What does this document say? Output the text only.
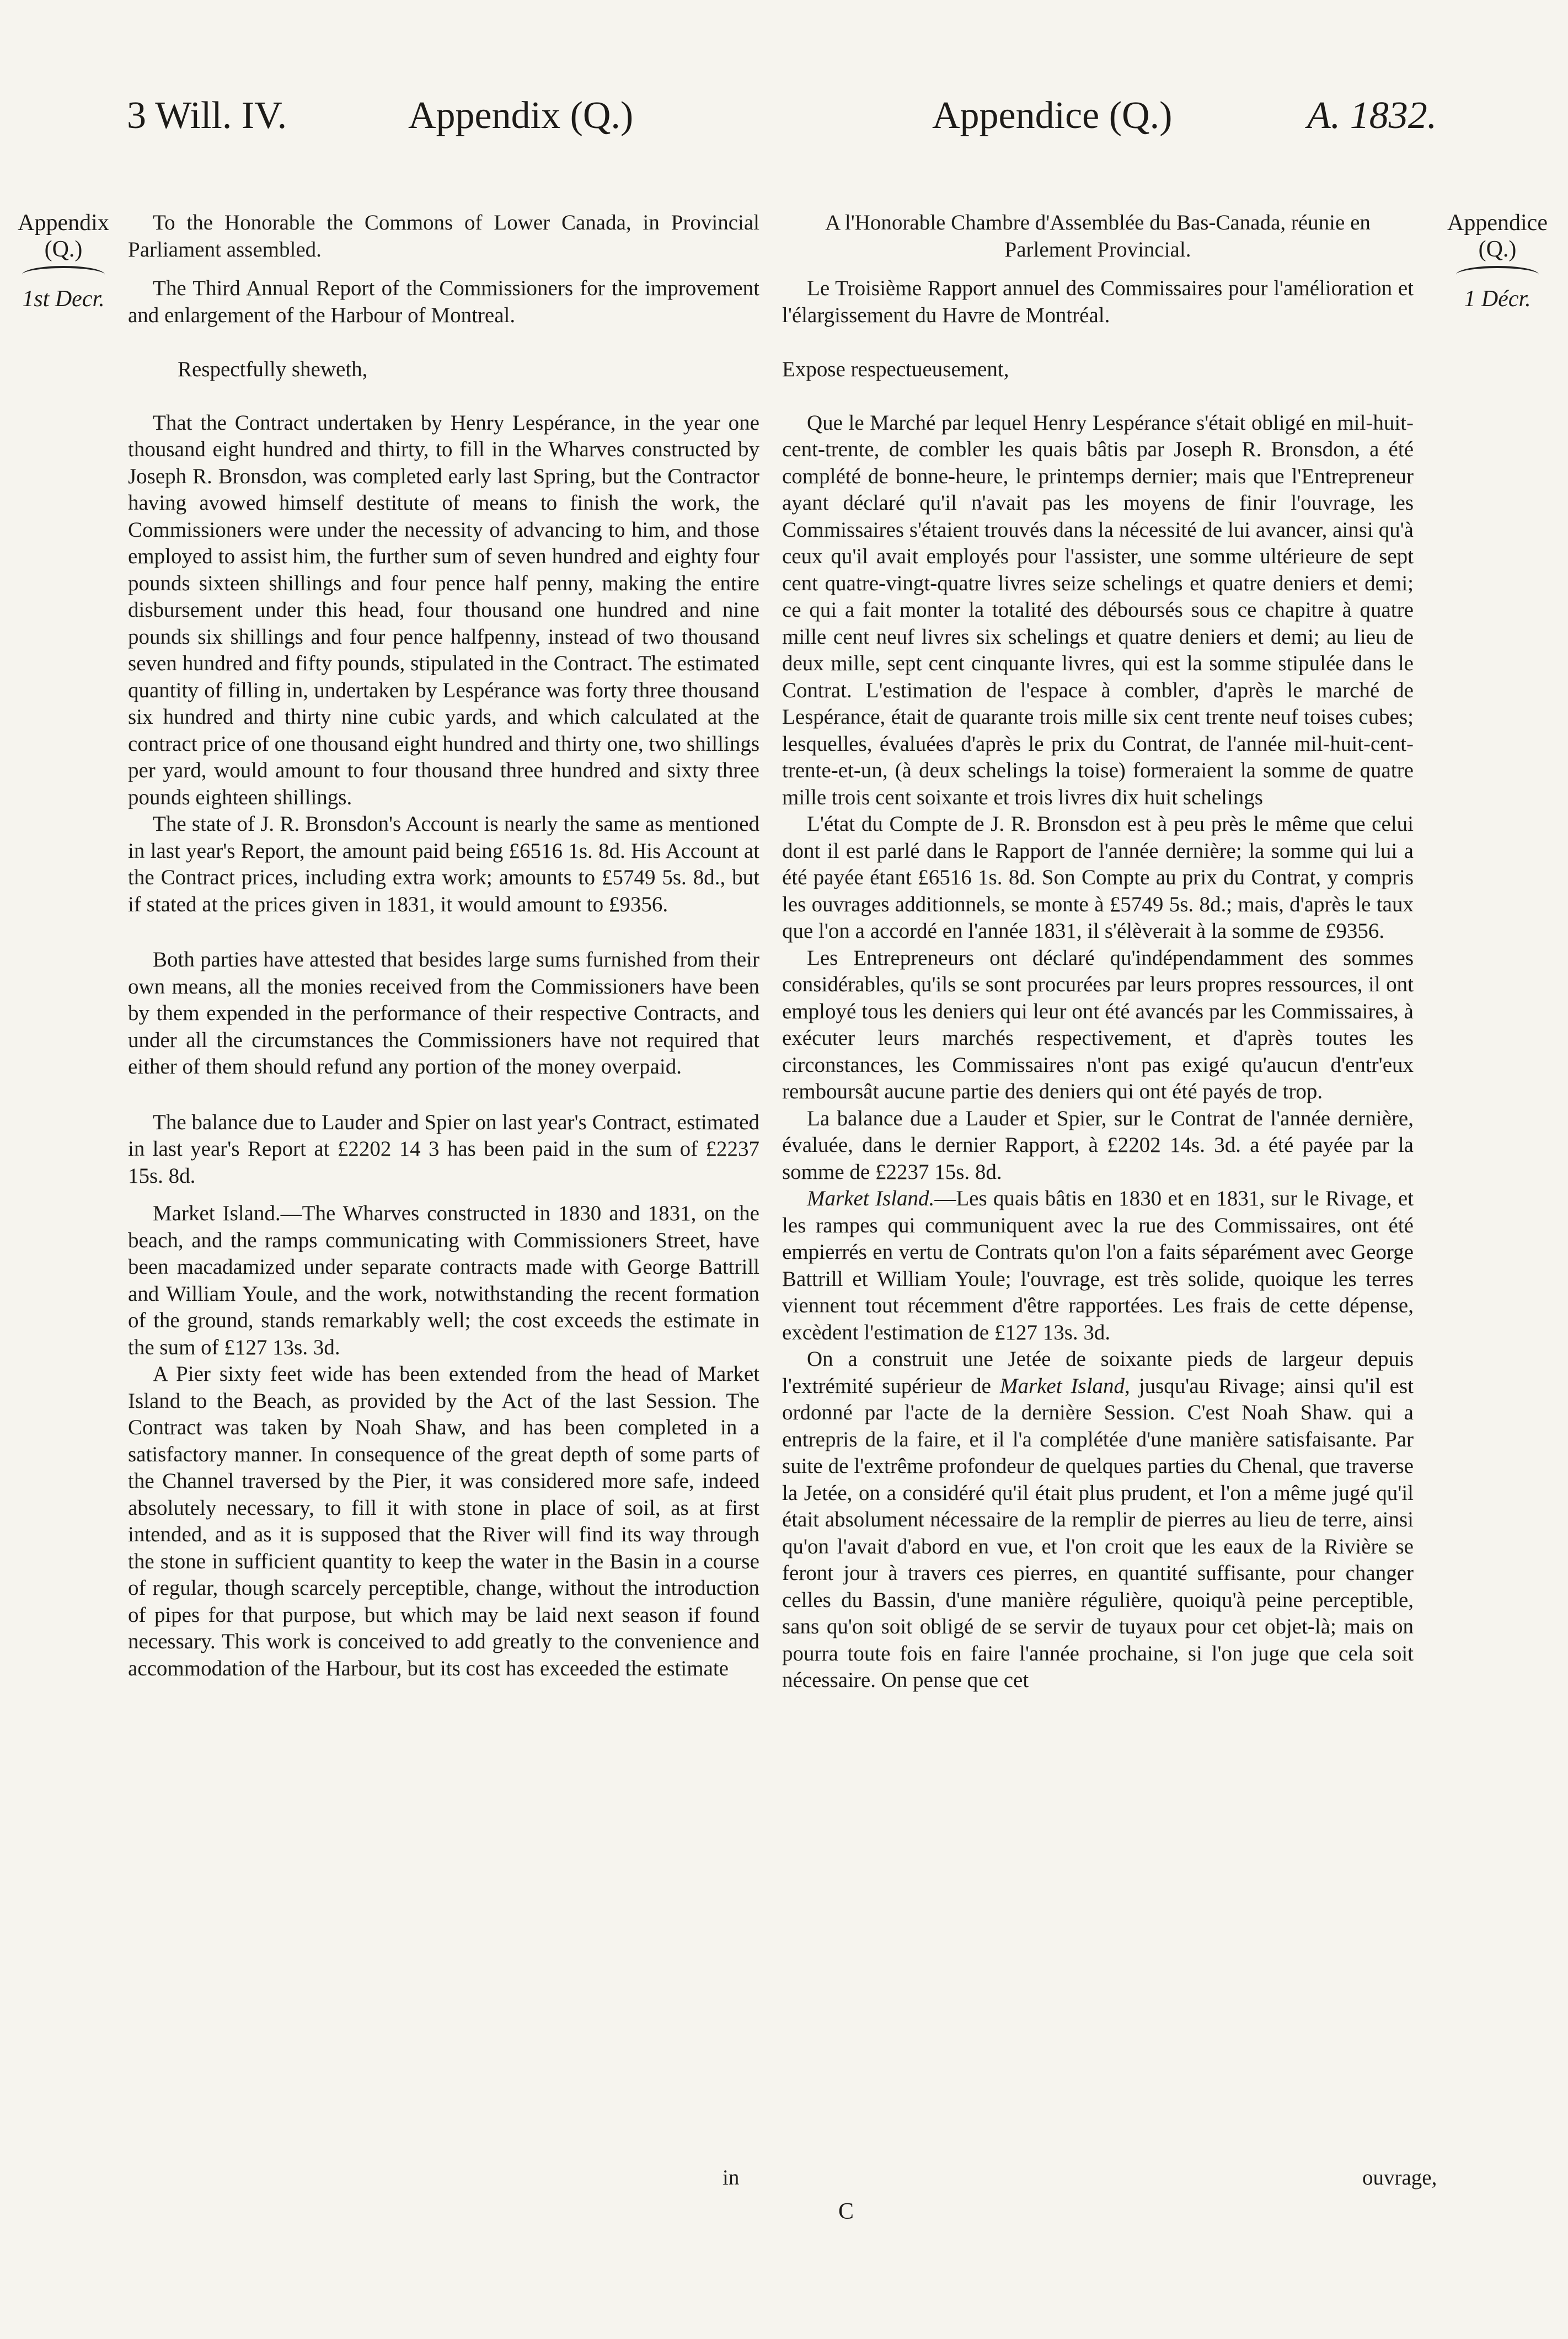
3 Will. IV.	Appendix (Q.)	Appendice (Q.)	A. 1832.
Appendix
(Q.)
1st Decr.
Appendice
(Q.)
1 Décr.

To the Honorable the Commons of Lower Canada, in Provincial Parliament assembled.

The Third Annual Report of the Commissioners for the improvement and enlargement of the Harbour of Montreal.

Respectfully sheweth,

That the Contract undertaken by Henry Lespérance, in the year one thousand eight hundred and thirty, to fill in the Wharves constructed by Joseph R. Bronsdon, was completed early last Spring, but the Contractor having avowed himself destitute of means to finish the work, the Commissioners were under the necessity of advancing to him, and those employed to assist him, the further sum of seven hundred and eighty four pounds sixteen shillings and four pence half penny, making the entire disbursement under this head, four thousand one hundred and nine pounds six shillings and four pence halfpenny, instead of two thousand seven hundred and fifty pounds, stipulated in the Contract. The estimated quantity of filling in, undertaken by Lespérance was forty three thousand six hundred and thirty nine cubic yards, and which calculated at the contract price of one thousand eight hundred and thirty one, two shillings per yard, would amount to four thousand three hundred and sixty three pounds eighteen shillings.

The state of J. R. Bronsdon's Account is nearly the same as mentioned in last year's Report, the amount paid being £6516 1s. 8d. His Account at the Contract prices, including extra work; amounts to £5749 5s. 8d., but if stated at the prices given in 1831, it would amount to £9356.

Both parties have attested that besides large sums furnished from their own means, all the monies received from the Commissioners have been by them expended in the performance of their respective Contracts, and under all the circumstances the Commissioners have not required that either of them should refund any portion of the money overpaid.

The balance due to Lauder and Spier on last year's Contract, estimated in last year's Report at £2202 14 3 has been paid in the sum of £2237 15s. 8d.

Market Island.—The Wharves constructed in 1830 and 1831, on the beach, and the ramps communicating with Commissioners Street, have been macadamized under separate contracts made with George Battrill and William Youle, and the work, notwithstanding the recent formation of the ground, stands remarkably well; the cost exceeds the estimate in the sum of £127 13s. 3d.

A Pier sixty feet wide has been extended from the head of Market Island to the Beach, as provided by the Act of the last Session. The Contract was taken by Noah Shaw, and has been completed in a satisfactory manner. In consequence of the great depth of some parts of the Channel traversed by the Pier, it was considered more safe, indeed absolutely necessary, to fill it with stone in place of soil, as at first intended, and as it is supposed that the River will find its way through the stone in sufficient quantity to keep the water in the Basin in a course of regular, though scarcely perceptible, change, without the introduction of pipes for that purpose, but which may be laid next season if found necessary. This work is conceived to add greatly to the convenience and accommodation of the Harbour, but its cost has exceeded the estimate

A l'Honorable Chambre d'Assemblée du Bas-Canada, réunie en Parlement Provincial.

Le Troisième Rapport annuel des Commissaires pour l'amélioration et l'élargissement du Havre de Montréal.

Expose respectueusement,

Que le Marché par lequel Henry Lespérance s'était obligé en mil-huit-cent-trente, de combler les quais bâtis par Joseph R. Bronsdon, a été complété de bonne-heure, le printemps dernier; mais que l'Entrepreneur ayant déclaré qu'il n'avait pas les moyens de finir l'ouvrage, les Commissaires s'étaient trouvés dans la nécessité de lui avancer, ainsi qu'à ceux qu'il avait employés pour l'assister, une somme ultérieure de sept cent quatre-vingt-quatre livres seize schelings et quatre deniers et demi; ce qui a fait monter la totalité des déboursés sous ce chapitre à quatre mille cent neuf livres six schelings et quatre deniers et demi; au lieu de deux mille, sept cent cinquante livres, qui est la somme stipulée dans le Contrat. L'estimation de l'espace à combler, d'après le marché de Lespérance, était de quarante trois mille six cent trente neuf toises cubes; lesquelles, évaluées d'après le prix du Contrat, de l'année mil-huit-cent-trente-et-un, (à deux schelings la toise) formeraient la somme de quatre mille trois cent soixante et trois livres dix huit schelings

L'état du Compte de J. R. Bronsdon est à peu près le même que celui dont il est parlé dans le Rapport de l'année dernière; la somme qui lui a été payée étant £6516 1s. 8d. Son Compte au prix du Contrat, y compris les ouvrages additionnels, se monte à £5749 5s. 8d.; mais, d'après le taux que l'on a accordé en l'année 1831, il s'élèverait à la somme de £9356.

Les Entrepreneurs ont déclaré qu'indépendamment des sommes considérables, qu'ils se sont procurées par leurs propres ressources, il ont employé tous les deniers qui leur ont été avancés par les Commissaires, à exécuter leurs marchés respectivement, et d'après toutes les circonstances, les Commissaires n'ont pas exigé qu'aucun d'entr'eux remboursât aucune partie des deniers qui ont été payés de trop.

La balance due a Lauder et Spier, sur le Contrat de l'année dernière, évaluée, dans le dernier Rapport, à £2202 14s. 3d. a été payée par la somme de £2237 15s. 8d.

Market Island.—Les quais bâtis en 1830 et en 1831, sur le Rivage, et les rampes qui communiquent avec la rue des Commissaires, ont été empierrés en vertu de Contrats qu'on l'on a faits séparément avec George Battrill et William Youle; l'ouvrage, est très solide, quoique les terres viennent tout récemment d'être rapportées. Les frais de cette dépense, excèdent l'estimation de £127 13s. 3d.

On a construit une Jetée de soixante pieds de largeur depuis l'extrémité supérieur de Market Island, jusqu'au Rivage; ainsi qu'il est ordonné par l'acte de la dernière Session. C'est Noah Shaw. qui a entrepris de la faire, et il l'a complétée d'une manière satisfaisante. Par suite de l'extrême profondeur de quelques parties du Chenal, que traverse la Jetée, on a considéré qu'il était plus prudent, et l'on a même jugé qu'il était absolument nécessaire de la remplir de pierres au lieu de terre, ainsi qu'on l'avait d'abord en vue, et l'on croit que les eaux de la Rivière se feront jour à travers ces pierres, en quantité suffisante, pour changer celles du Bassin, d'une manière régulière, quoiqu'à peine perceptible, sans qu'on soit obligé de se servir de tuyaux pour cet objet-là; mais on pourra toute fois en faire l'année prochaine, si l'on juge que cela soit nécessaire. On pense que cet

in	ouvrage,
C
